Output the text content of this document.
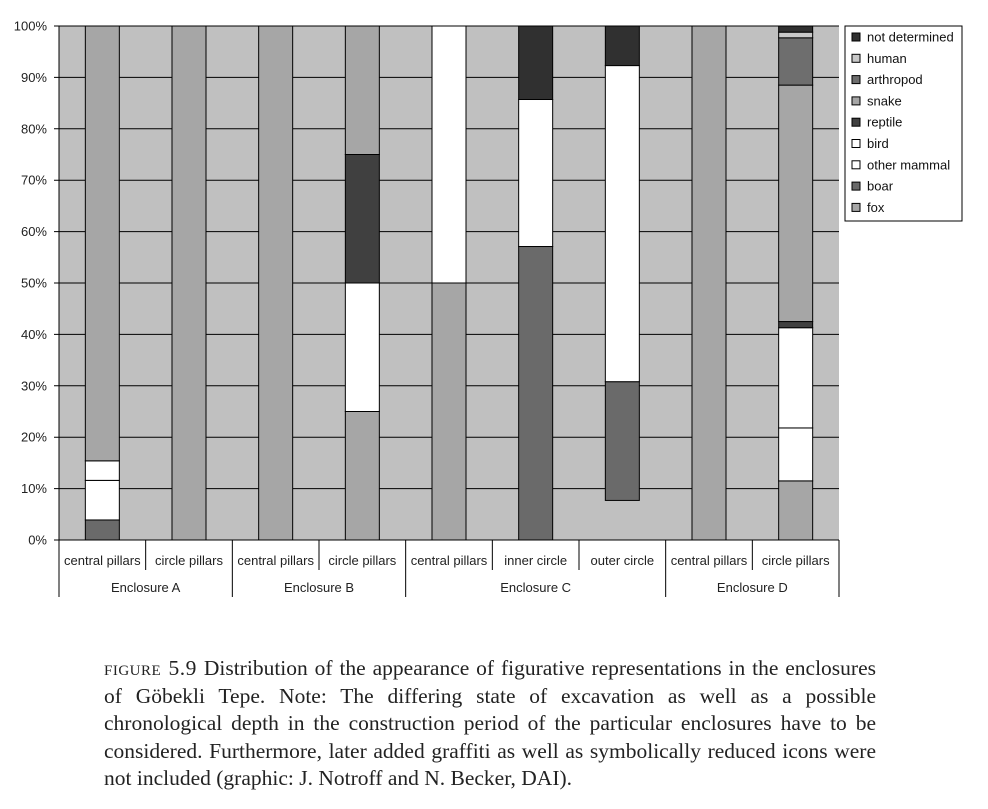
0%
10%
20%
30%
40%
50%
60%
70%
80%
90%
100%
central pillars circle pillars central pillars circle pillars central pillars inner circle outer circle central pillars circle pillars
Enclosure A	Enclosure B	Enclosure C	Enclosure D
not determined
human
arthropod
snake
reptile
bird
other mammal
boar
fox
figure 5.9 Distribution of the appearance of figurative representations in the enclosures of Göbekli Tepe. Note: The differing state of excavation as well as a possible chronological depth in the construction period of the particular enclosures have to be considered. Furthermore, later added graffiti as well as symbolically reduced icons were not included (graphic: J. Notroff and N. Becker, DAI).
